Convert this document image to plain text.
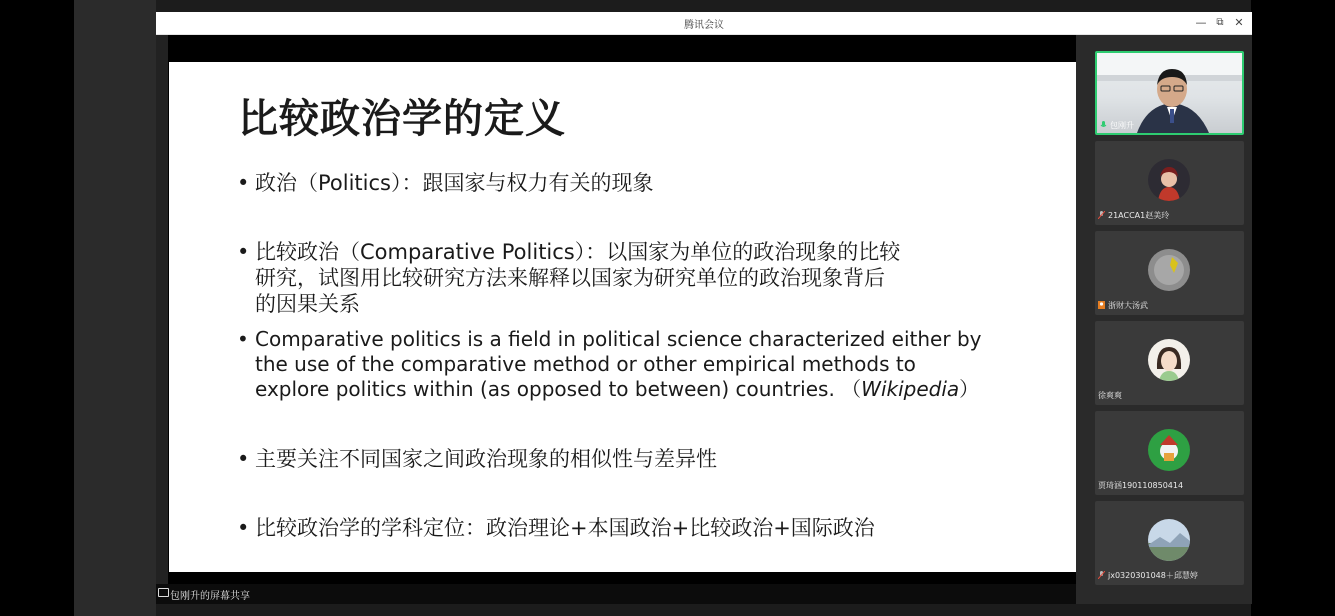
腾讯会议	— ⧉ ✕
比较政治学的定义
• 政治（Politics）：跟国家与权力有关的现象
• 比较政治（Comparative Politics）：以国家为单位的政治现象的比较
研究，试图用比较研究方法来解释以国家为研究单位的政治现象背后
的因果关系
• Comparative politics is a field in political science characterized either by
the use of the comparative method or other empirical methods to
explore politics within (as opposed to between) countries. （Wikipedia）
• 主要关注不同国家之间政治现象的相似性与差异性
• 比较政治学的学科定位：政治理论+本国政治+比较政治+国际政治
包刚升的屏幕共享
包刚升
21ACCA1赵美玲
浙财大汤武
徐爽爽
贾琦涵190110850414
jx0320301048＋邱慧婷
